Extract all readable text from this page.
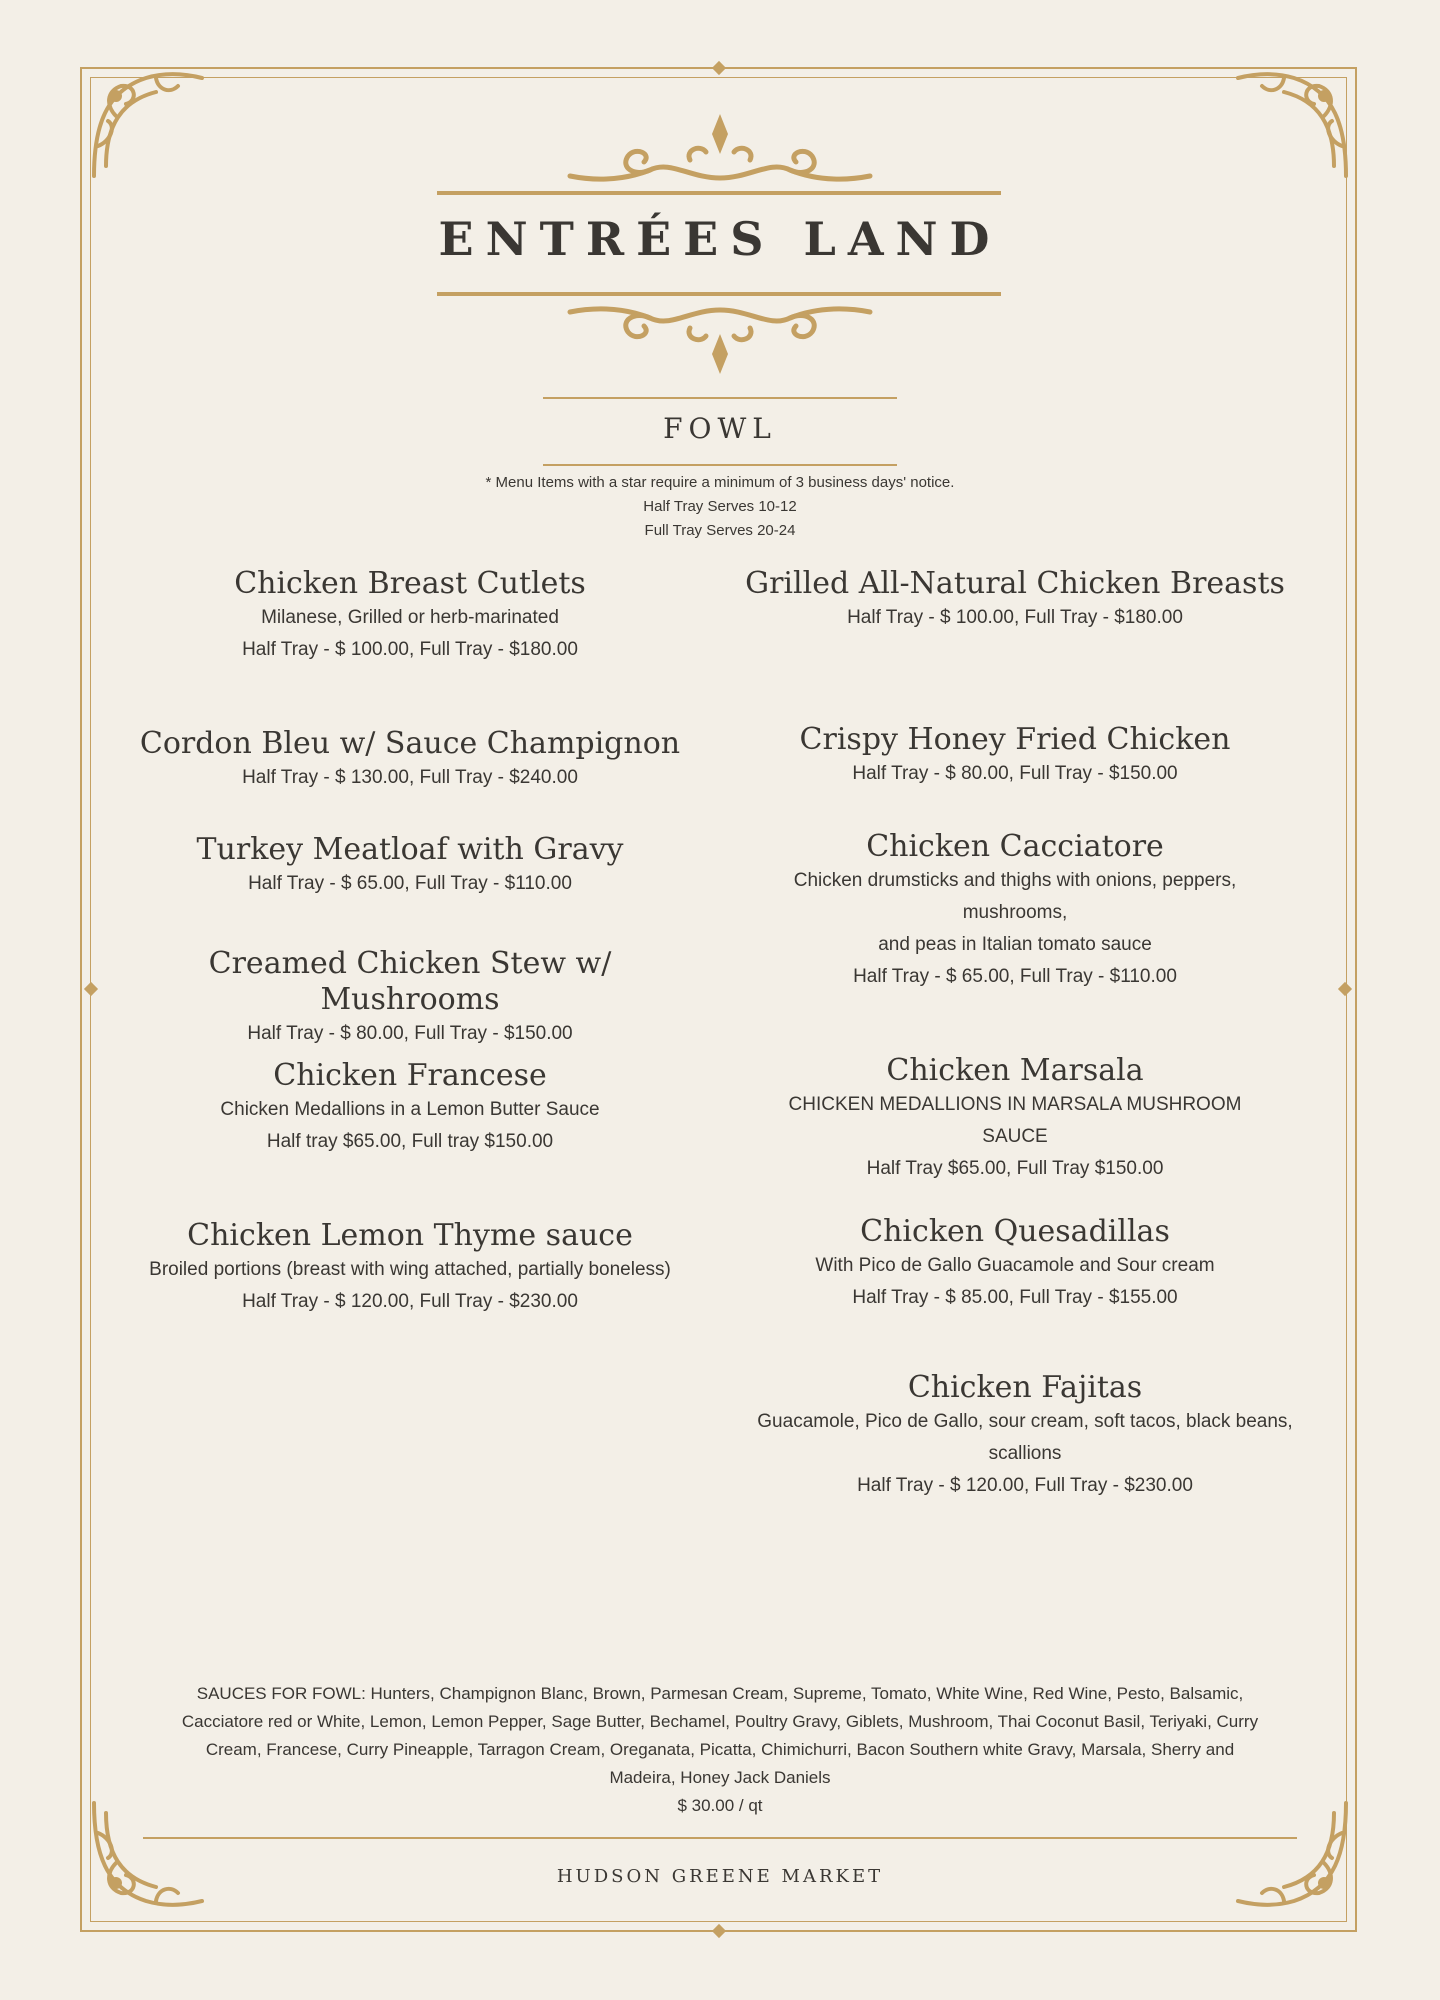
ENTRÉES LAND
FOWL
* Menu Items with a star require a minimum of 3 business days' notice.
Half Tray Serves 10-12
Full Tray Serves 20-24
Chicken Breast Cutlets
Milanese, Grilled or herb-marinated
Half Tray - $ 100.00, Full Tray - $180.00
Cordon Bleu w/ Sauce Champignon
Half Tray - $ 130.00, Full Tray - $240.00
Turkey Meatloaf with Gravy
Half Tray - $ 65.00, Full Tray - $110.00
Creamed Chicken Stew w/ Mushrooms
Half Tray - $ 80.00, Full Tray - $150.00
Chicken Francese
Chicken Medallions in a Lemon Butter Sauce
Half tray $65.00, Full tray $150.00
Chicken Lemon Thyme sauce
Broiled portions (breast with wing attached, partially boneless)
Half Tray - $ 120.00, Full Tray - $230.00
Grilled All-Natural Chicken Breasts
Half Tray - $ 100.00, Full Tray - $180.00
Crispy Honey Fried Chicken
Half Tray - $ 80.00, Full Tray - $150.00
Chicken Cacciatore
Chicken drumsticks and thighs with onions, peppers, mushrooms,
and peas in Italian tomato sauce
Half Tray - $ 65.00, Full Tray - $110.00
Chicken Marsala
CHICKEN MEDALLIONS IN MARSALA MUSHROOM SAUCE
Half Tray $65.00, Full Tray $150.00
Chicken Quesadillas
With Pico de Gallo Guacamole and Sour cream
Half Tray - $ 85.00, Full Tray - $155.00
Chicken Fajitas
Guacamole, Pico de Gallo, sour cream, soft tacos, black beans, scallions
Half Tray - $ 120.00, Full Tray - $230.00
SAUCES FOR FOWL: Hunters, Champignon Blanc, Brown, Parmesan Cream, Supreme, Tomato, White Wine, Red Wine, Pesto, Balsamic, Cacciatore red or White, Lemon, Lemon Pepper, Sage Butter, Bechamel, Poultry Gravy, Giblets, Mushroom, Thai Coconut Basil, Teriyaki, Curry Cream, Francese, Curry Pineapple, Tarragon Cream, Oreganata, Picatta, Chimichurri, Bacon Southern white Gravy, Marsala, Sherry and Madeira, Honey Jack Daniels
$ 30.00 / qt
HUDSON GREENE MARKET
